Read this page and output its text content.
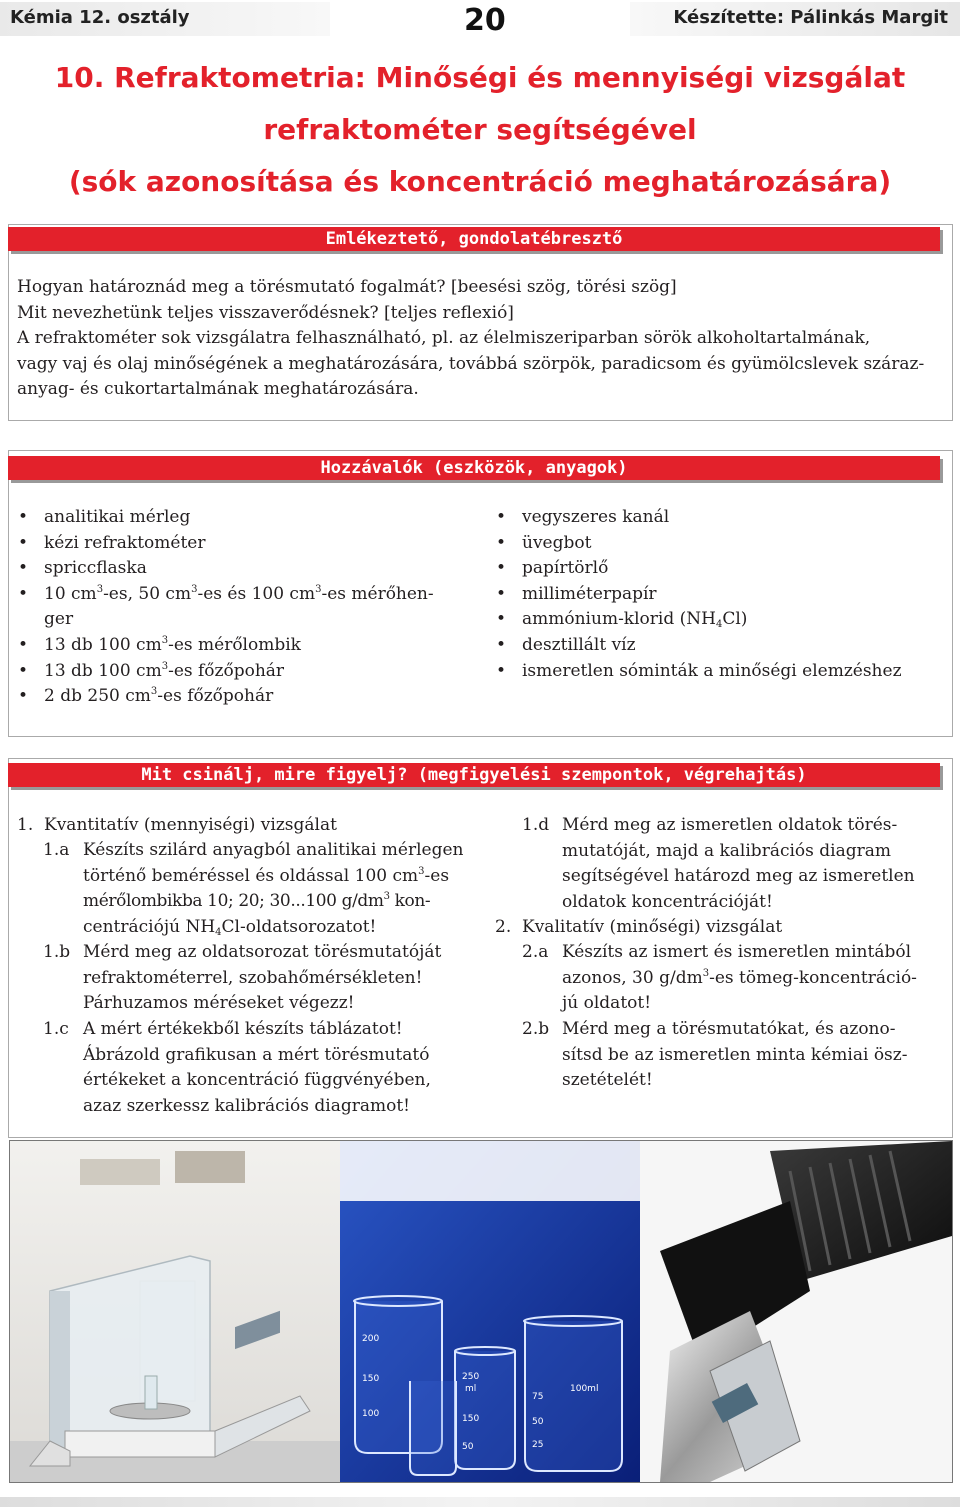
Kémia 12. osztály	20	Készítette: Pálinkás Margit
10. Refraktometria: Minőségi és mennyiségi vizsgálat
refraktométer segítségével
(sók azonosítása és koncentráció meghatározására)
Emlékeztető, gondolatébresztő
Hogyan határoznád meg a törésmutató fogalmát? [beesési szög, törési szög]
Mit nevezhetünk teljes visszaverődésnek? [teljes reflexió]
A refraktométer sok vizsgálatra felhasználható, pl. az élelmiszeriparban sörök alkoholtartalmának,
vagy vaj és olaj minőségének a meghatározására, továbbá szörpök, paradicsom és gyümölcslevek száraz-
anyag- és cukortartalmának meghatározására.
Hozzávalók (eszközök, anyagok)
• analitikai mérleg
• kézi refraktométer
• spriccflaska
• 10 $cm^3-es$, 50 $cm^3-es$ és 100 $cm^3-es$ mérőhen-
ger
• 13 db 100 $cm^3-es$ mérőlombik
• 13 db 100 $cm^3-es$ főzőpohár
• 2 db 250 $cm^3-es$ főzőpohár
• vegyszeres kanál
• üvegbot
• papírtörlő
• milliméterpapír
• ammónium-klorid $(NH_4Cl)$
• desztillált víz
• ismeretlen sóminták a minőségi elemzéshez
Mit csinálj, mire figyelj? (megfigyelési szempontok, végrehajtás)
1. Kvantitatív (mennyiségi) vizsgálat
1.a Készíts szilárd anyagból analitikai mérlegen
történő beméréssel és oldással 100 $cm^3-es$
mérőlombikba 10; 20; 30...100 $g/dm^3$ kon-
centrációjú $NH_4Cl$-oldatsorozatot!
1.b Mérd meg az oldatsorozat törésmutatóját
refraktométerrel, szobahőmérsékleten!
Párhuzamos méréseket végezz!
1.c A mért értékekből készíts táblázatot!
Ábrázold grafikusan a mért törésmutató
értékeket a koncentráció függvényében,
azaz szerkessz kalibrációs diagramot!
1.d Mérd meg az ismeretlen oldatok törés-
mutatóját, majd a kalibrációs diagram
segítségével határozd meg az ismeretlen
oldatok koncentrációját!
2. Kvalitatív (minőségi) vizsgálat
2.a Készíts az ismert és ismeretlen mintából
azonos, 30 $g/dm^3-es$ tömeg-koncentráció-
jú oldatot!
2.b Mérd meg a törésmutatókat, és azono-
sítsd be az ismeretlen minta kémiai ösz-
szetételét!
200
150
100
250
ml
150
50
100ml
75
50
25
